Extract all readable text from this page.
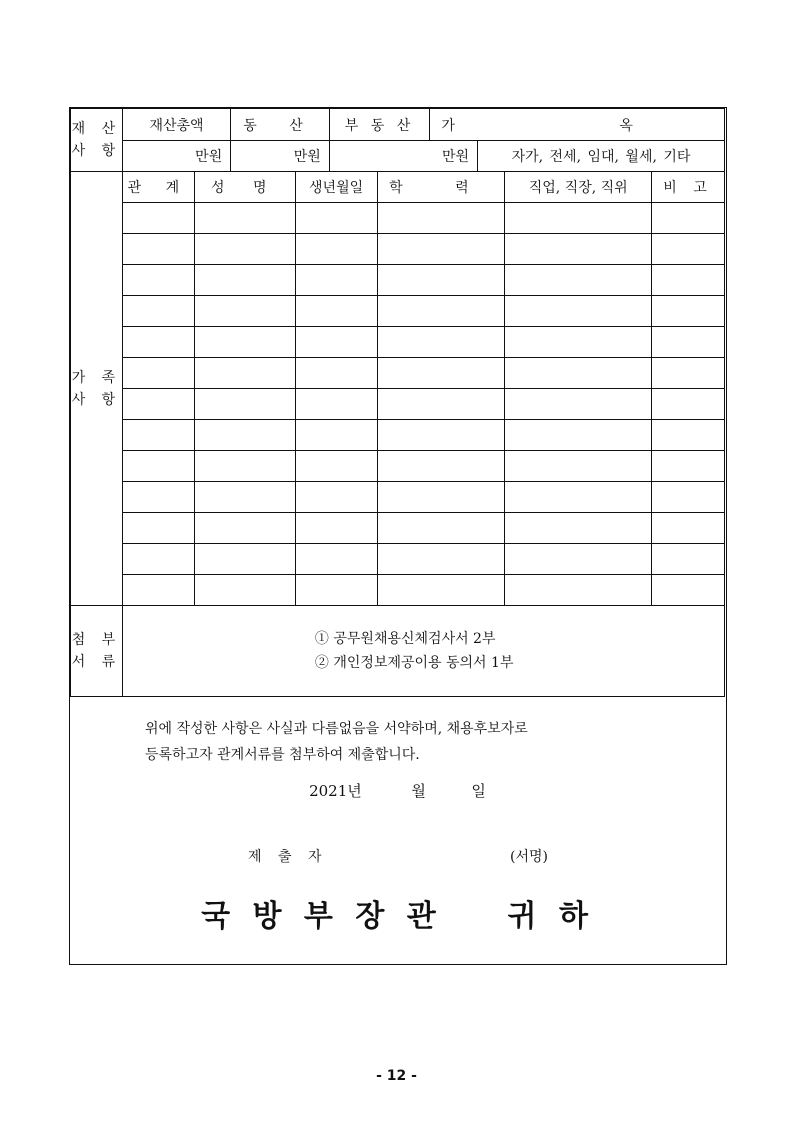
재 산
사 항	재산총액	동 산	부 동 산	가 옥	
	만원	만원	만원		자가, 전세, 임대, 월세, 기타
가 족
사 항	관 계	성 명	생년월일	학 력	직업, 직장, 직위	비 고

첨 부
서 류	
① 공무원채용신체검사서 2부
② 개인정보제공이용 동의서 1부
위에 작성한 사항은 사실과 다름없음을 서약하며, 채용후보자로
등록하고자 관계서류를 첨부하여 제출합니다.
2021년	월	일
제 출 자	(서명)
국 방 부 장 관    귀 하
- 12 -
